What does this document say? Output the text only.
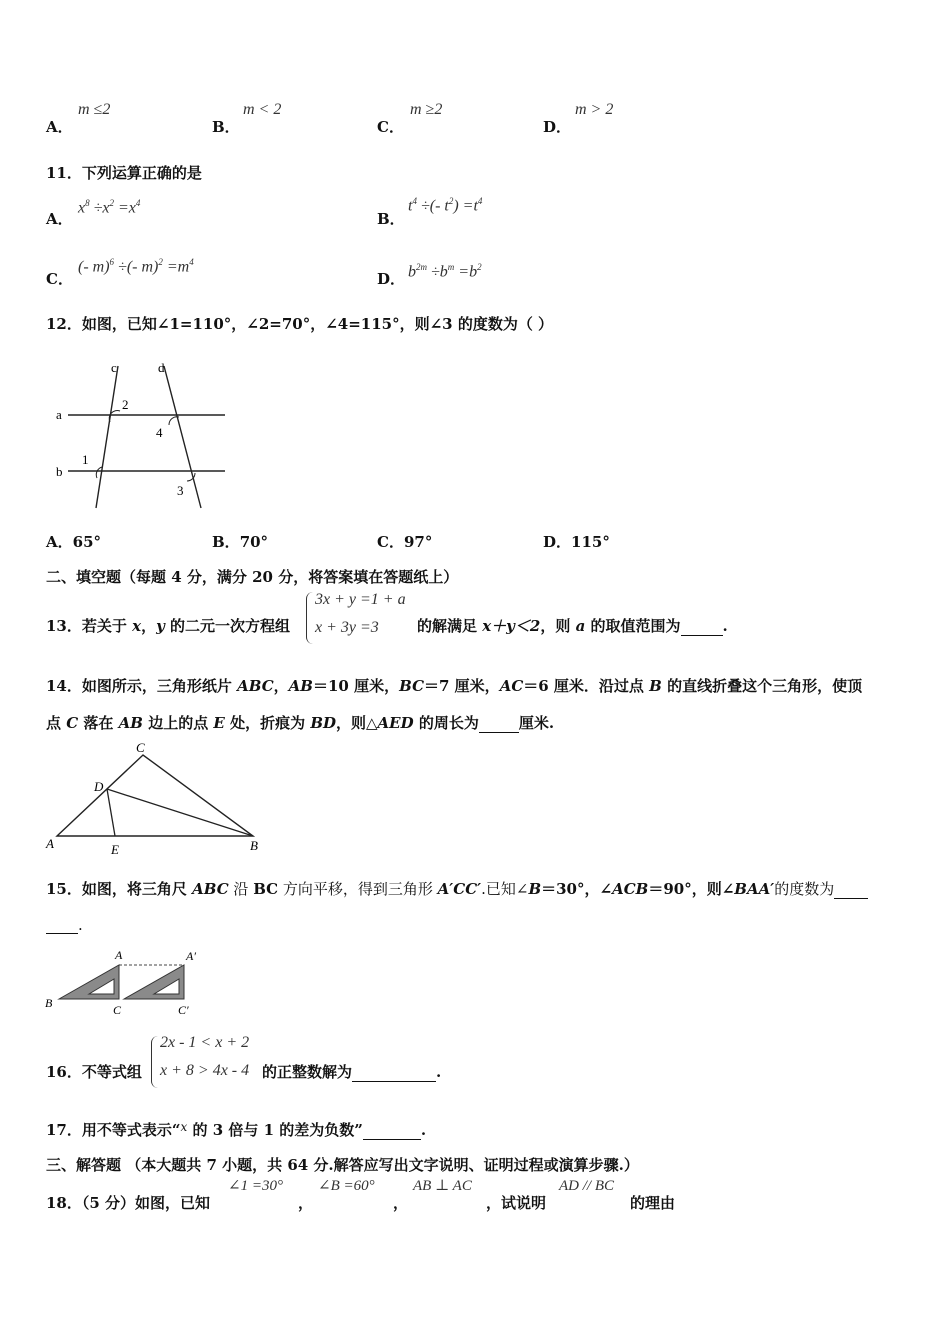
A．
m ≤2
B．
m < 2
C．
m ≥2
D．
m > 2
11．下列运算正确的是
A．
$x^8 \div x^2 =x^4$
B．
$t^4$ ÷(- $t^2) =t^4$
C．
(- m)$^6$ ÷(- $m)^2 =m^4$
D． $b^{2m} \div b^m =b^2$
12．如图，已知∠1=110°，∠2=70°，∠4=115°，则∠3 的度数为（ ）
c	d
a
b
2
4
1
3
A．65°	B．70°	C．97°	D．115°
二、填空题（每题 4 分，满分 20 分，将答案填在答题纸上）
13．若关于 x，y 的二元一次方程组
3x + y =1 + a
x + 3y =3	的解满足 x＋y＜2，则 a 的取值范围为	.
14．如图所示，三角形纸片 ABC，AB＝10 厘米，BC＝7 厘米，AC＝6 厘米．沿过点 B 的直线折叠这个三角形，使顶
点 C 落在 AB 边上的点 E 处，折痕为 BD，则△AED 的周长为	厘米.
C
D
A	E	B
15．如图，将三角尺 ABC 沿 BC 方向平移，得到三角形 A′CC′.已知∠B＝30°，∠ACB＝90°，则∠BAA′的度数为
.
A	A′
B	C	C′
16．不等式组
2x - 1 < x + 2
x + 8 > 4x - 4 的正整数解为	.
17．用不等式表示“$^x$ 的 3 倍与 1 的差为负数”	.
三、解答题 （本大题共 7 小题，共 64 分.解答应写出文字说明、证明过程或演算步骤.）
18．（5 分）如图，已知
∠1 =30°
，
∠B =60°
，
AB ⊥ AC
，试说明
AD // BC
的理由
